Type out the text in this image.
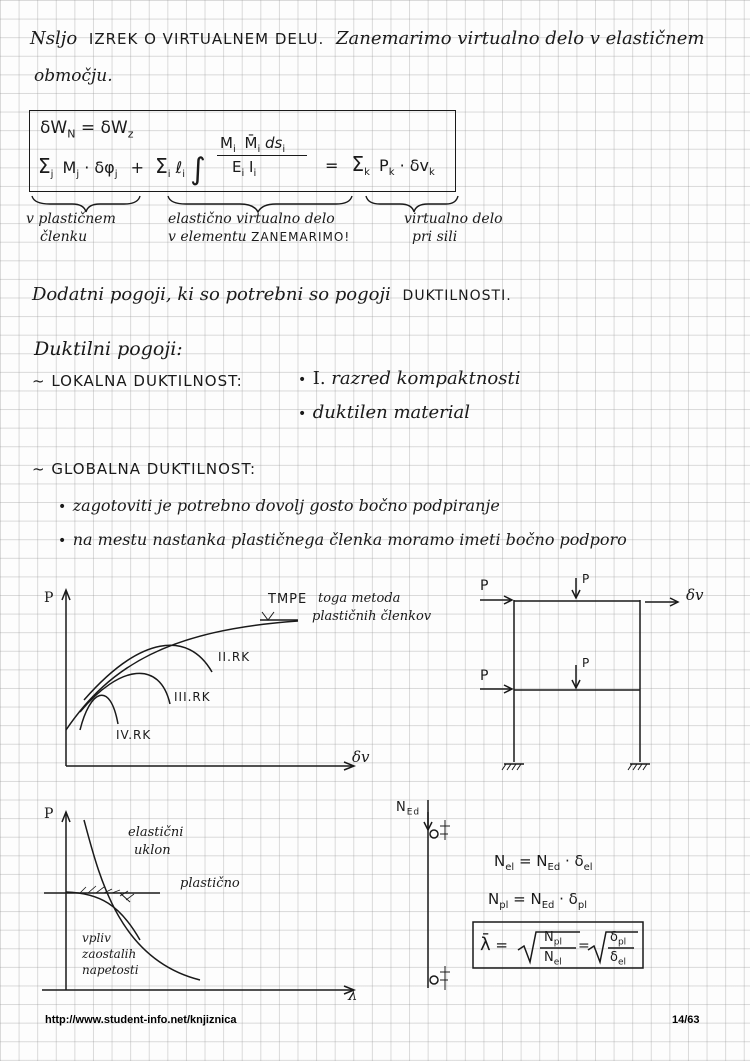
Nsljo IZREK O VIRTUALNEM DELU. Zanemarimo virtualno delo v elastičnem
območju.
$\delta W_N = \delta W_z$
$\Sigma_j$ $M_j \cdot \delta\varphi_j + \Sigma_i$ ℓ$_i$ ∫
$M_i$ $M̄_i$ $ds_i$
$E_i$ $I_i$	= $\Sigma_k$ $P_k \cdot \delta v_k$
v plastičnem
členku
elastično virtualno delo
v elementu ZANEMARIMO!
virtualno delo
pri sili
Dodatni pogoji, ki so potrebni so pogoji DUKTILNOSTI.
Duktilni pogoji:
~ LOKALNA DUKTILNOST:	• I. razred kompaktnosti
• duktilen material
~ GLOBALNA DUKTILNOST:
• zagotoviti je potrebno dovolj gosto bočno podpiranje
• na mestu nastanka plastičnega členka moramo imeti bočno podporo
P
δv
TMPE toga metoda
plastičnih členkov
II.RK
III.RK
IV.RK
P	P
P
P
δv
P
λ
elastični
uklon
plastično
vpliv
zaostalih
napetosti
$N_{Ed}$
$N_{el} = N_{Ed} \cdot \delta_{el}$
$N_{pl} = N_{Ed} \cdot \delta_{pl}$
λ̄ =	$N_{pl}$
$N_{el}$
=
$\delta_{pl}$
$\delta_{el}$
http://www.student-info.net/knjiznica	14/63
